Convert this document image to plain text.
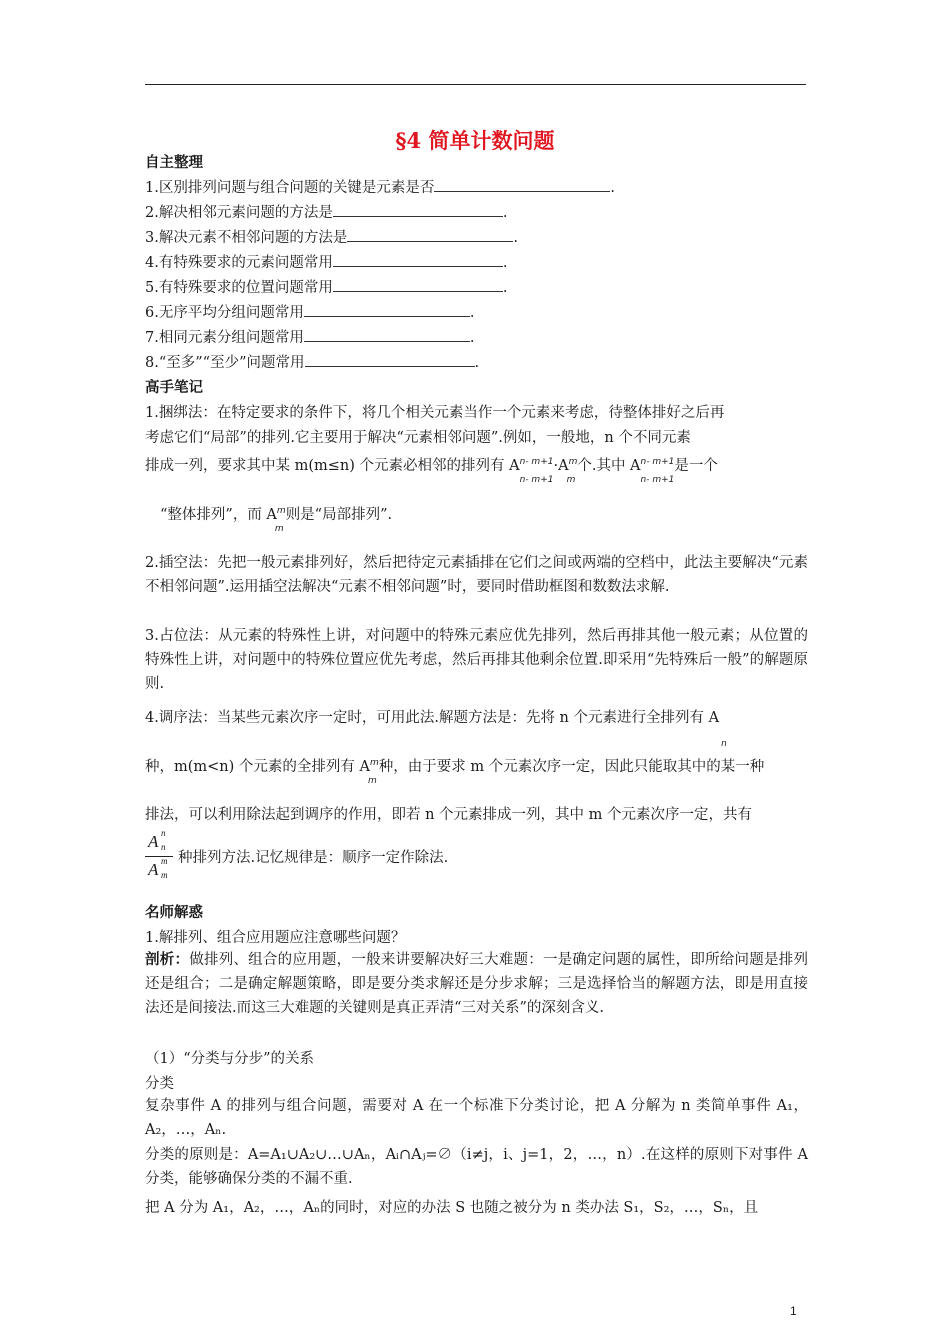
§4 简单计数问题
自主整理
1.区别排列问题与组合问题的关键是元素是否	.
2.解决相邻元素问题的方法是	.
3.解决元素不相邻问题的方法是	.
4.有特殊要求的元素问题常用	.
5.有特殊要求的位置问题常用	.
6.无序平均分组问题常用	.
7.相同元素分组问题常用	.
8.“至多”“至少”问题常用	.
高手笔记
1.捆绑法：在特定要求的条件下，将几个相关元素当作一个元素来考虑，待整体排好之后再
考虑它们“局部”的排列.它主要用于解决“元素相邻问题”.例如，一般地，n 个不同元素
排成一列，要求其中某 m(m≤n) 个元素必相邻的排列有 $A^{n- m+1}$
n- m+1
$\cdot A^m$
m
个.其中 $A^{n- m+1}$
n- m+1
是一个
“整体排列”，而 $A^m$
m
则是“局部排列”.
2.插空法：先把一般元素排列好，然后把待定元素插排在它们之间或两端的空档中，此法主要解决“元素不相邻问题”.运用插空法解决“元素不相邻问题”时，要同时借助框图和数数法求解.
3.占位法：从元素的特殊性上讲，对问题中的特殊元素应优先排列，然后再排其他一般元素；从位置的特殊性上讲，对问题中的特殊位置应优先考虑，然后再排其他剩余位置.即采用“先特殊后一般”的解题原则.
4.调序法：当某些元素次序一定时，可用此法.解题方法是：先将 n 个元素进行全排列有 A
n
种，m(m<n) 个元素的全排列有 $A^m$
m
种，由于要求 m 个元素次序一定，因此只能取其中的某一种
排法，可以利用除法起到调序的作用，即若 n 个元素排成一列，其中 m 个元素次序一定，共有
A n
n
A m
m
种排列方法.记忆规律是：顺序一定作除法.
名师解惑
1.解排列、组合应用题应注意哪些问题？
剖析：做排列、组合的应用题，一般来讲要解决好三大难题：一是确定问题的属性，即所给问题是排列还是组合；二是确定解题策略，即是要分类求解还是分步求解；三是选择恰当的解题方法，即是用直接法还是间接法.而这三大难题的关键则是真正弄清“三对关系”的深刻含义.
（1）“分类与分步”的关系
分类
复杂事件 A 的排列与组合问题，需要对 A 在一个标准下分类讨论，把 A 分解为 n 类简单事件 A₁，A₂，…，Aₙ.
分类的原则是：A=A₁∪A₂∪…∪Aₙ，Aᵢ∩Aⱼ=∅（i≠j，i、j=1，2，…，n）.在这样的原则下对事件 A 分类，能够确保分类的不漏不重.
把 A 分为 A₁，A₂，…，Aₙ的同时，对应的办法 S 也随之被分为 n 类办法 S₁，S₂，…，Sₙ，且
1
